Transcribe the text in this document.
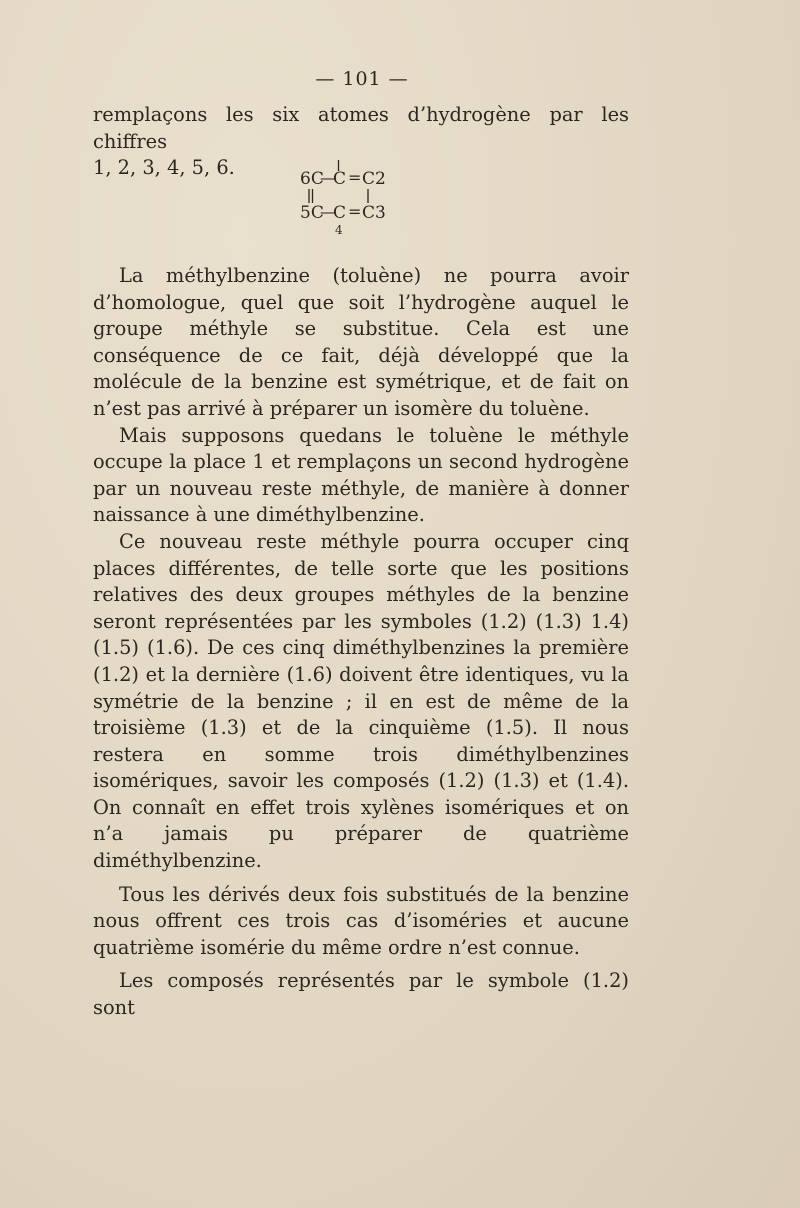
— 101 —

remplaçons les six atomes d’hydrogène par les chiffres

1, 2, 3, 4, 5, 6.	6C
—
C = C2
5C
—
C = C3
4

La méthylbenzine (toluène) ne pourra avoir d’homologue, quel que soit l’hydrogène auquel le groupe méthyle se substitue. Cela est une conséquence de ce fait, déjà développé que la molécule de la benzine est symétrique, et de fait on n’est pas arrivé à préparer un isomère du toluène.

Mais supposons quedans le toluène le méthyle occupe la place 1 et remplaçons un second hydrogène par un nouveau reste méthyle, de manière à donner naissance à une diméthylbenzine.

Ce nouveau reste méthyle pourra occuper cinq places différentes, de telle sorte que les positions relatives des deux groupes méthyles de la benzine seront représentées par les symboles (1.2) (1.3) 1.4) (1.5) (1.6). De ces cinq diméthylbenzines la première (1.2) et la dernière (1.6) doivent être identiques, vu la symétrie de la benzine ; il en est de même de la troisième (1.3) et de la cinquième (1.5). Il nous restera en somme trois diméthylbenzines isomériques, savoir les composés (1.2) (1.3) et (1.4). On connaît en effet trois xylènes isomériques et on n’a jamais pu préparer de quatrième diméthylbenzine.

Tous les dérivés deux fois substitués de la benzine nous offrent ces trois cas d’isoméries et aucune quatrième isomérie du même ordre n’est connue.

Les composés représentés par le symbole (1.2) sont
